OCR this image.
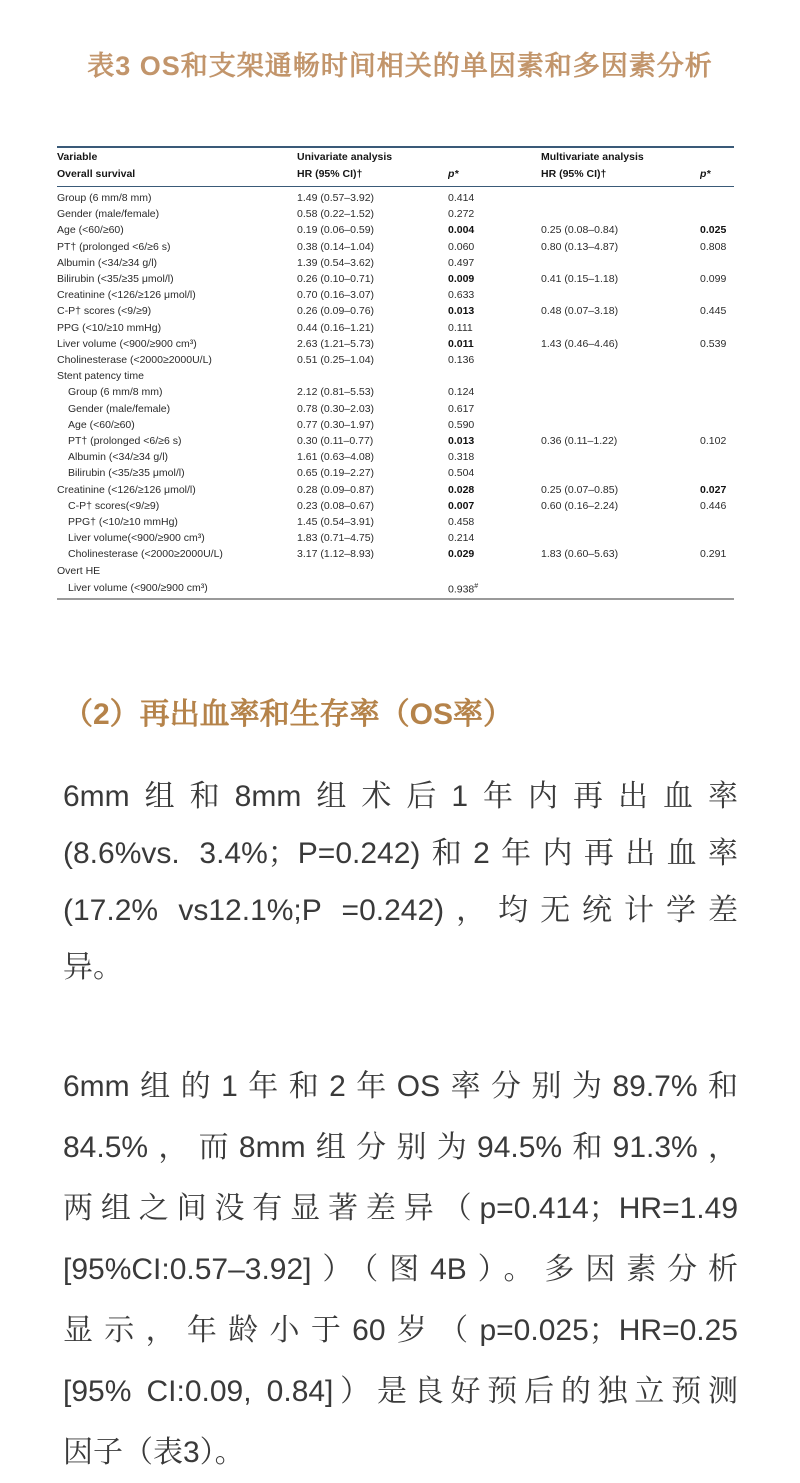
表3 OS和支架通畅时间相关的单因素和多因素分析
Variable	Univariate analysis		Multivariate analysis	
Overall survival	HR (95% CI)†	p*	HR (95% CI)†	p*
Group (6 mm/8 mm)	1.49 (0.57–3.92)	0.414		
Gender (male/female)	0.58 (0.22–1.52)	0.272		
Age (<60/≥60)	0.19 (0.06–0.59)	0.004	0.25 (0.08–0.84)	0.025
PT† (prolonged <6/≥6 s)	0.38 (0.14–1.04)	0.060	0.80 (0.13–4.87)	0.808
Albumin (<34/≥34 g/l)	1.39 (0.54–3.62)	0.497		
Bilirubin (<35/≥35 μmol/l)	0.26 (0.10–0.71)	0.009	0.41 (0.15–1.18)	0.099
Creatinine (<126/≥126 μmol/l)	0.70 (0.16–3.07)	0.633		
C-P† scores (<9/≥9)	0.26 (0.09–0.76)	0.013	0.48 (0.07–3.18)	0.445
PPG (<10/≥10 mmHg)	0.44 (0.16–1.21)	0.111		
Liver volume (<900/≥900 cm³)	2.63 (1.21–5.73)	0.011	1.43 (0.46–4.46)	0.539
Cholinesterase (<2000≥2000U/L)	0.51 (0.25–1.04)	0.136		
Stent patency time				
Group (6 mm/8 mm)	2.12 (0.81–5.53)	0.124		
Gender (male/female)	0.78 (0.30–2.03)	0.617		
Age (<60/≥60)	0.77 (0.30–1.97)	0.590		
PT† (prolonged <6/≥6 s)	0.30 (0.11–0.77)	0.013	0.36 (0.11–1.22)	0.102
Albumin (<34/≥34 g/l)	1.61 (0.63–4.08)	0.318		
Bilirubin (<35/≥35 μmol/l)	0.65 (0.19–2.27)	0.504		
Creatinine (<126/≥126 μmol/l)	0.28 (0.09–0.87)	0.028	0.25 (0.07–0.85)	0.027
C-P† scores(<9/≥9)	0.23 (0.08–0.67)	0.007	0.60 (0.16–2.24)	0.446
PPG† (<10/≥10 mmHg)	1.45 (0.54–3.91)	0.458		
Liver volume(<900/≥900 cm³)	1.83 (0.71–4.75)	0.214		
Cholinesterase (<2000≥2000U/L)	3.17 (1.12–8.93)	0.029	1.83 (0.60–5.63)	0.291
Overt HE				
Liver volume (<900/≥900 cm³)		0.938#		
（2）再出血率和生存率（OS率）
6mm组和8mm组术后1年内再出血率
(8.6%vs. 3.4%；P=0.242)和2年内再出血率
(17.2% vs12.1%;P =0.242)，均无统计学差
异。
6mm组的1年和2年OS率分别为89.7%和
84.5%，而8mm组分别为94.5%和91.3%，
两组之间没有显著差异（p=0.414；HR=1.49
[95%CI:0.57–3.92]）（图4B）。多因素分析
显示，年龄小于60岁（p=0.025；HR=0.25
[95% CI:0.09, 0.84]）是良好预后的独立预测
因子（表3）。
